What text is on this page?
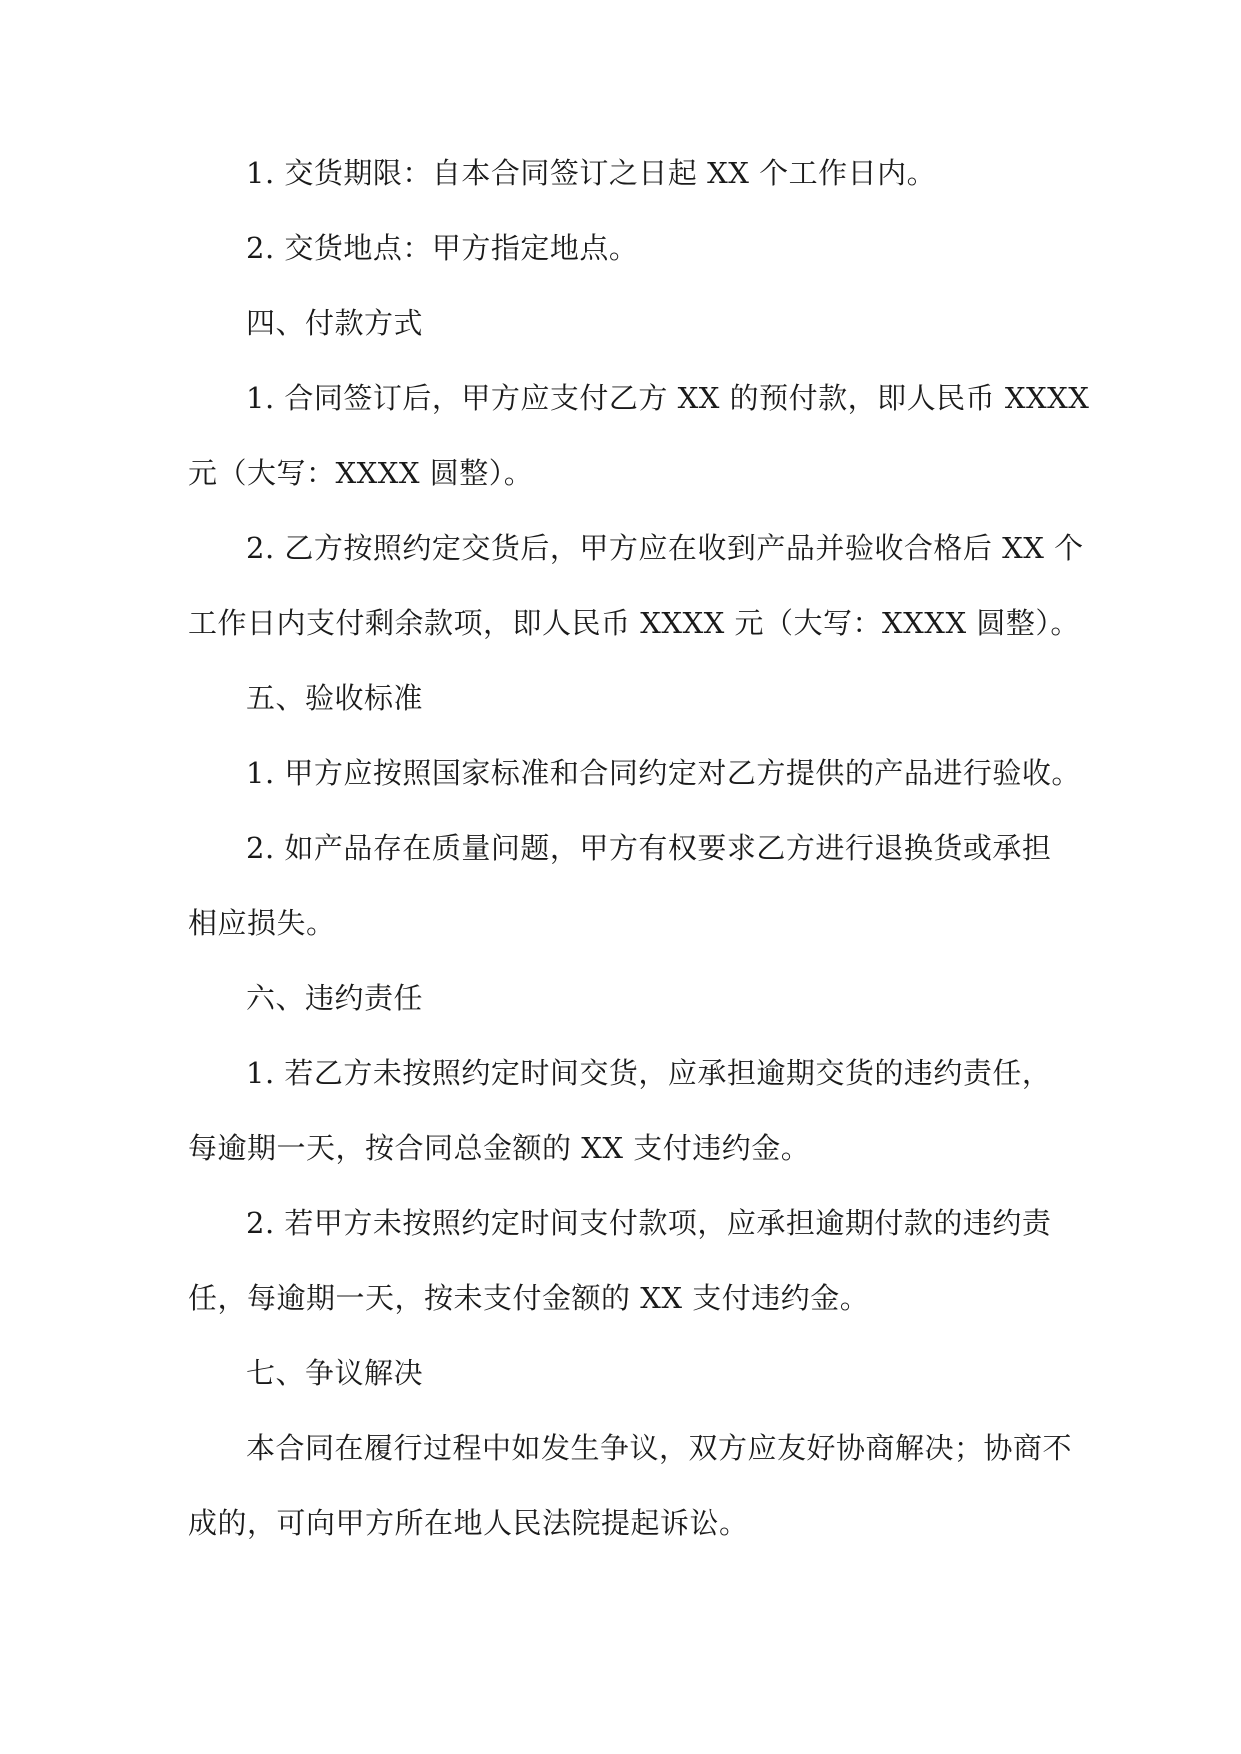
1. 交货期限：自本合同签订之日起 XX 个工作日内。
2. 交货地点：甲方指定地点。
四、付款方式
1. 合同签订后，甲方应支付乙方 XX 的预付款，即人民币 XXXX
元（大写：XXXX 圆整）。
2. 乙方按照约定交货后，甲方应在收到产品并验收合格后 XX 个
工作日内支付剩余款项，即人民币 XXXX 元（大写：XXXX 圆整）。
五、验收标准
1. 甲方应按照国家标准和合同约定对乙方提供的产品进行验收。
2. 如产品存在质量问题，甲方有权要求乙方进行退换货或承担
相应损失。
六、违约责任
1. 若乙方未按照约定时间交货，应承担逾期交货的违约责任，
每逾期一天，按合同总金额的 XX 支付违约金。
2. 若甲方未按照约定时间支付款项，应承担逾期付款的违约责
任，每逾期一天，按未支付金额的 XX 支付违约金。
七、争议解决
本合同在履行过程中如发生争议，双方应友好协商解决；协商不
成的，可向甲方所在地人民法院提起诉讼。
